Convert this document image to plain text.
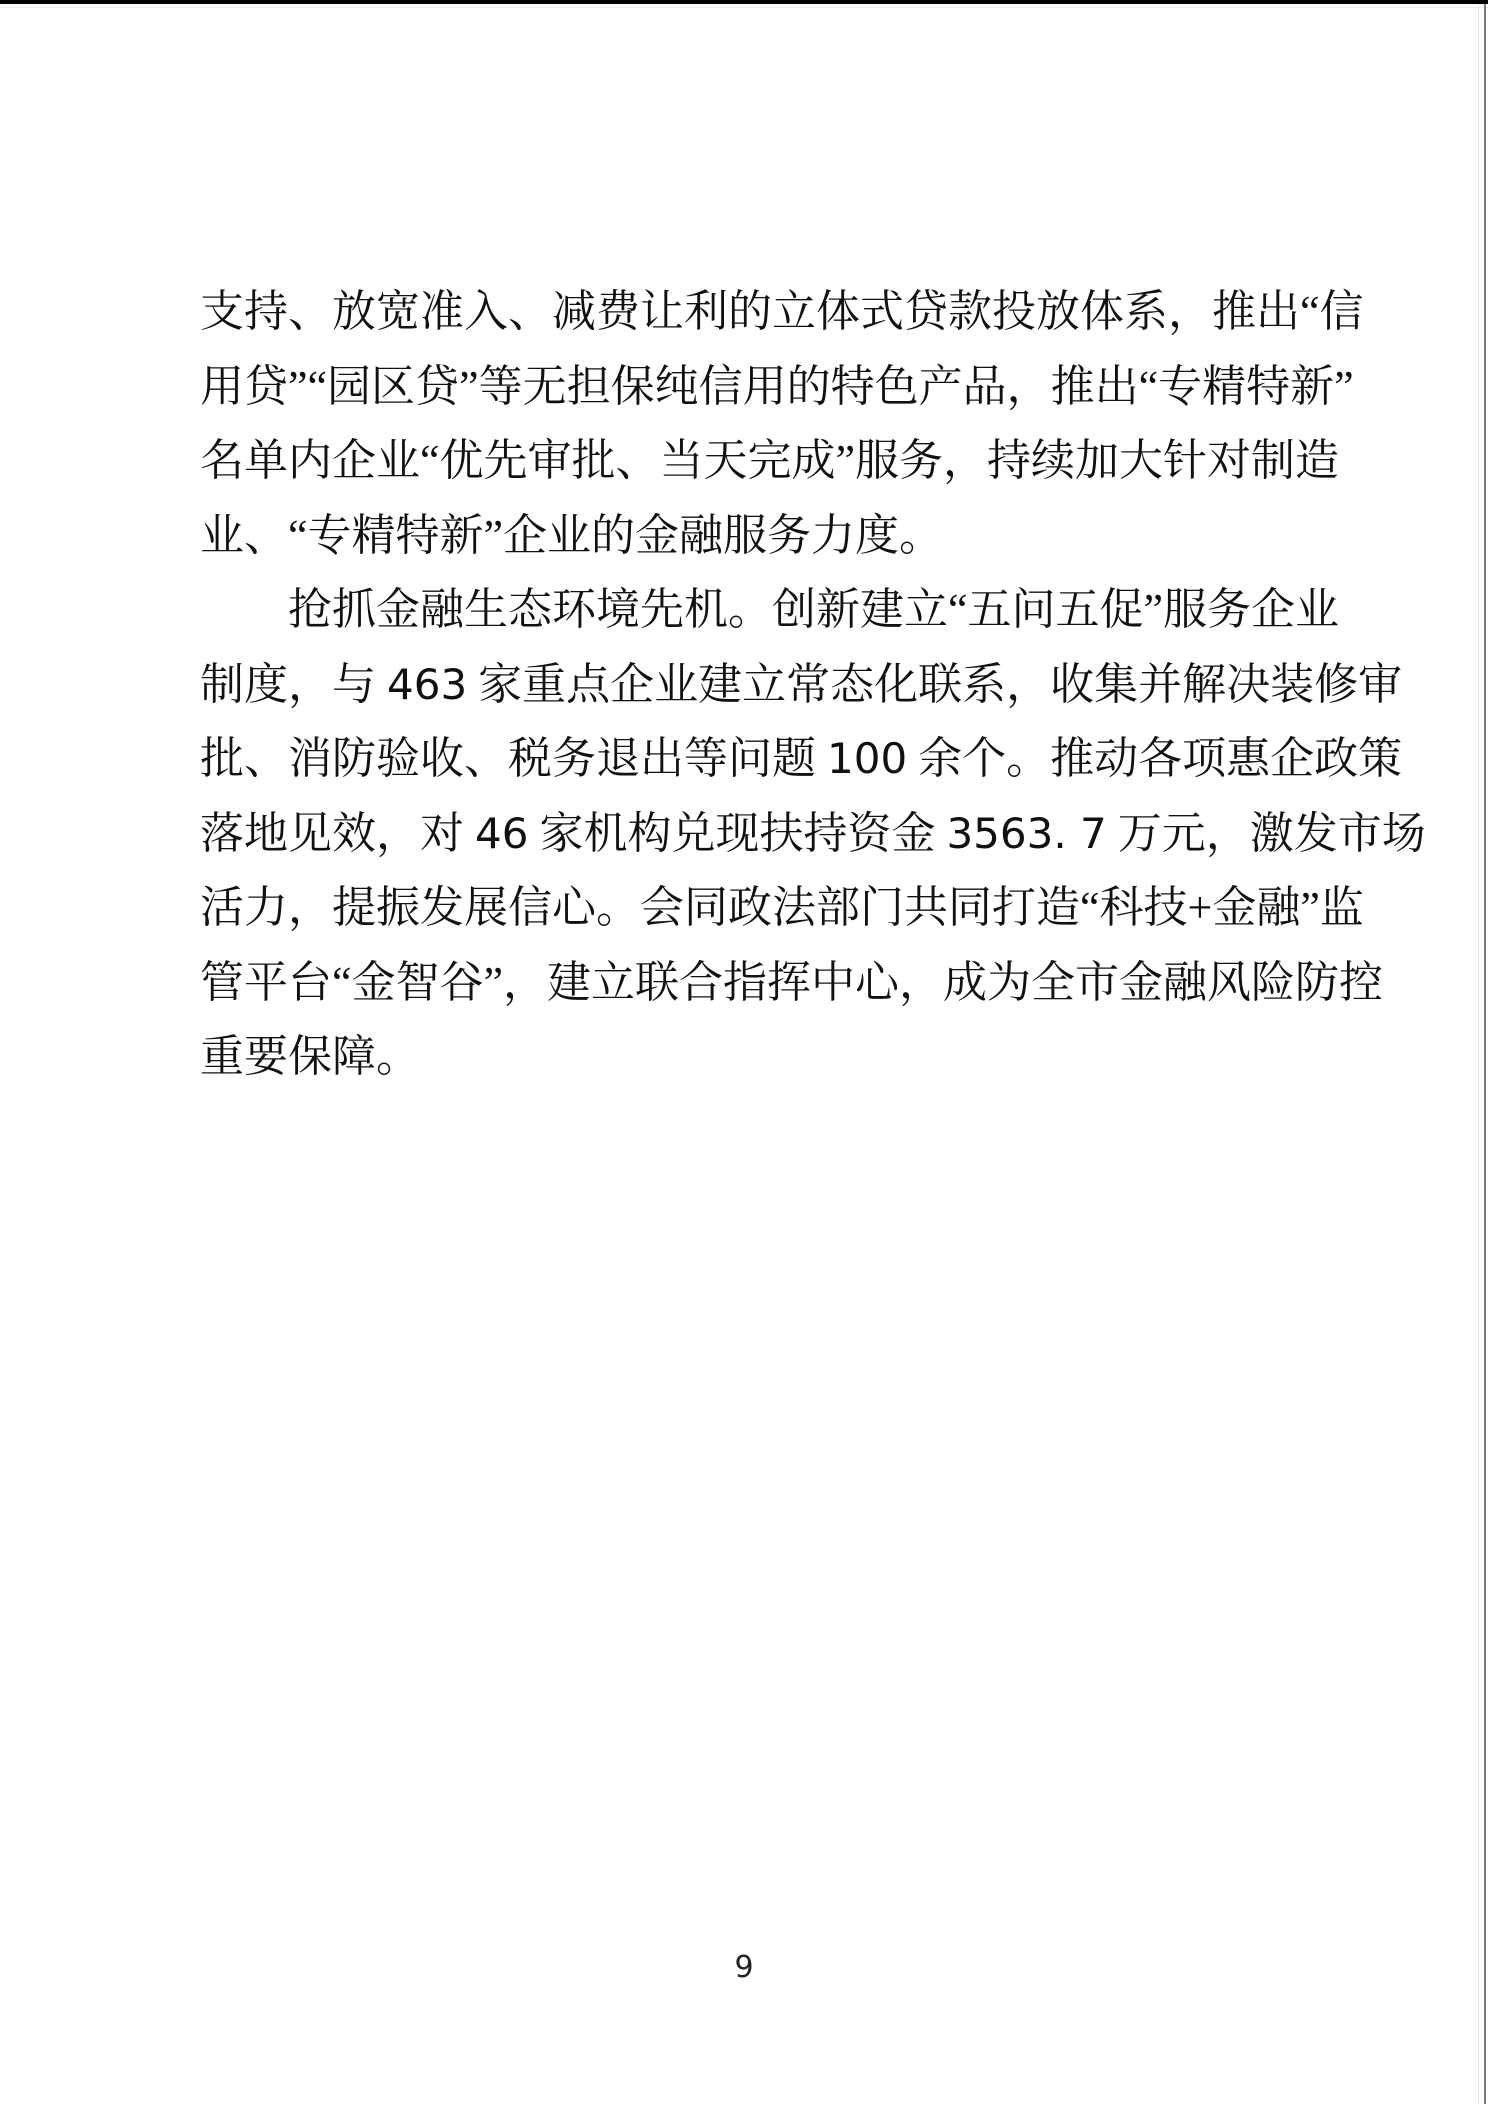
支持、放宽准入、减费让利的立体式贷款投放体系，推出“信
用贷”“园区贷”等无担保纯信用的特色产品，推出“专精特新”
名单内企业“优先审批、当天完成”服务，持续加大针对制造
业、“专精特新”企业的金融服务力度。
抢抓金融生态环境先机。创新建立“五问五促”服务企业
制度，与 463 家重点企业建立常态化联系，收集并解决装修审
批、消防验收、税务退出等问题 100 余个。推动各项惠企政策
落地见效，对 46 家机构兑现扶持资金 3563. 7 万元，激发市场
活力，提振发展信心。会同政法部门共同打造“科技+金融”监
管平台“金智谷”，建立联合指挥中心，成为全市金融风险防控
重要保障。
9
